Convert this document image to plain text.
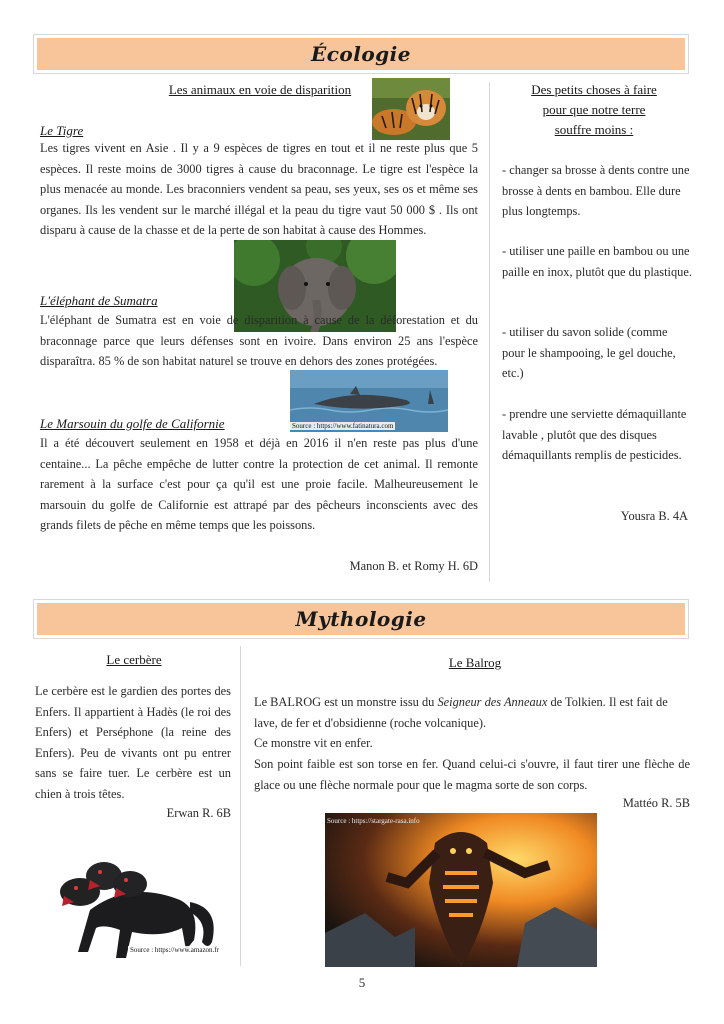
Écologie
Les animaux en voie de disparition
Le Tigre
Les tigres vivent en Asie . Il y a 9 espèces de tigres en tout et il ne reste plus que 5 espèces. Il reste moins de 3000 tigres à cause du braconnage. Le tigre est l'espèce la plus menacée au monde. Les braconniers vendent sa peau, ses yeux, ses os et même ses organes. Ils les vendent sur le marché illégal et la peau du tigre vaut 50 000 $ . Ils ont disparu à cause de la chasse et de la perte de son habitat à cause des Hommes.
L'éléphant de Sumatra
L'éléphant de Sumatra est en voie de disparition à cause de la déforestation et du braconnage parce que leurs défenses sont en ivoire. Dans environ 25 ans l'espèce disparaîtra. 85 % de son habitat naturel se trouve en dehors des zones protégées.
Source : https://www.fatinatura.com
Le Marsouin du golfe de Californie
Il a été découvert seulement en 1958 et déjà en 2016 il n'en reste pas plus d'une centaine... La pêche empêche de lutter contre la protection de cet animal. Il remonte rarement à la surface c'est pour ça qu'il est une proie facile. Malheureusement le marsouin du golfe de Californie est attrapé par des pêcheurs inconscients avec des grands filets de pêche en même temps que les poissons.
Manon B. et Romy H. 6D
Des petits choses à faire
pour que notre terre
souffre moins :
- changer sa brosse à dents contre une brosse à dents en bambou. Elle dure plus longtemps.
- utiliser une paille en bambou ou une paille en inox, plutôt que du plastique.
- utiliser du savon solide (comme pour le shampooing, le gel douche, etc.)
- prendre une serviette démaquillante lavable , plutôt que des disques démaquillants remplis de pesticides.
Yousra B. 4A
Mythologie
Le cerbère
Le cerbère est le gardien des portes des Enfers. Il appartient à Hadès (le roi des Enfers) et Perséphone (la reine des Enfers). Peu de vivants ont pu entrer sans se faire tuer. Le cerbère est un chien à trois têtes.
Erwan R. 6B
Source : https://www.amazon.fr
Le Balrog
Le BALROG est un monstre issu du Seigneur des Anneaux de Tolkien. Il est fait de lave, de fer et d'obsidienne (roche volcanique).
Ce monstre vit en enfer.
Son point faible est son torse en fer. Quand celui-ci s'ouvre, il faut tirer une flèche de glace ou une flèche normale pour que le magma sorte de son corps.
Mattéo R. 5B
Source : https://stargate-rasa.info
5
